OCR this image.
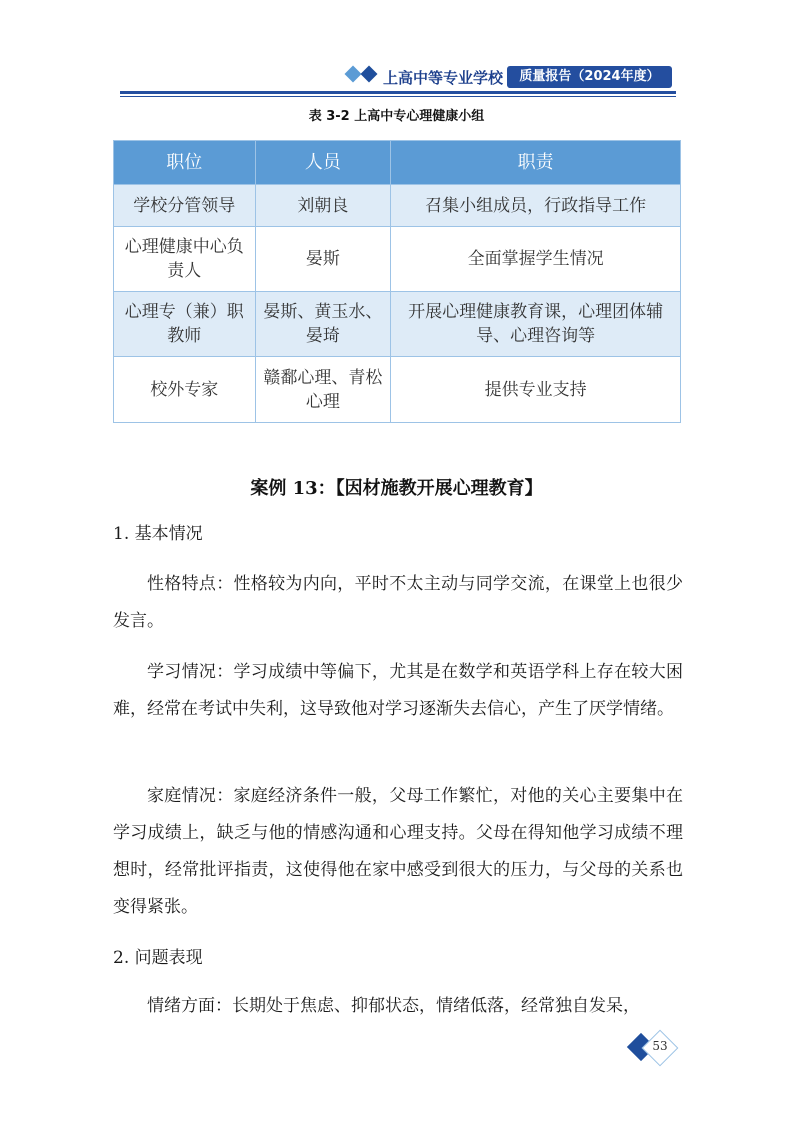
上高中等专业学校	质量报告（2024年度）
表 3-2 上高中专心理健康小组
职位	人员	职责
学校分管领导	刘朝良	召集小组成员，行政指导工作
心理健康中心负责人	晏斯	全面掌握学生情况
心理专（兼）职教师	晏斯、黄玉水、晏琦	开展心理健康教育课，心理团体辅导、心理咨询等
校外专家	赣鄱心理、青松心理	提供专业支持
案例 13：【因材施教开展心理教育】
1. 基本情况
性格特点：性格较为内向，平时不太主动与同学交流，在课堂上也很少发言。
学习情况：学习成绩中等偏下，尤其是在数学和英语学科上存在较大困难，经常在考试中失利，这导致他对学习逐渐失去信心，产生了厌学情绪。
家庭情况：家庭经济条件一般，父母工作繁忙，对他的关心主要集中在学习成绩上，缺乏与他的情感沟通和心理支持。父母在得知他学习成绩不理想时，经常批评指责，这使得他在家中感受到很大的压力，与父母的关系也变得紧张。
2. 问题表现
情绪方面：长期处于焦虑、抑郁状态，情绪低落，经常独自发呆，
53
